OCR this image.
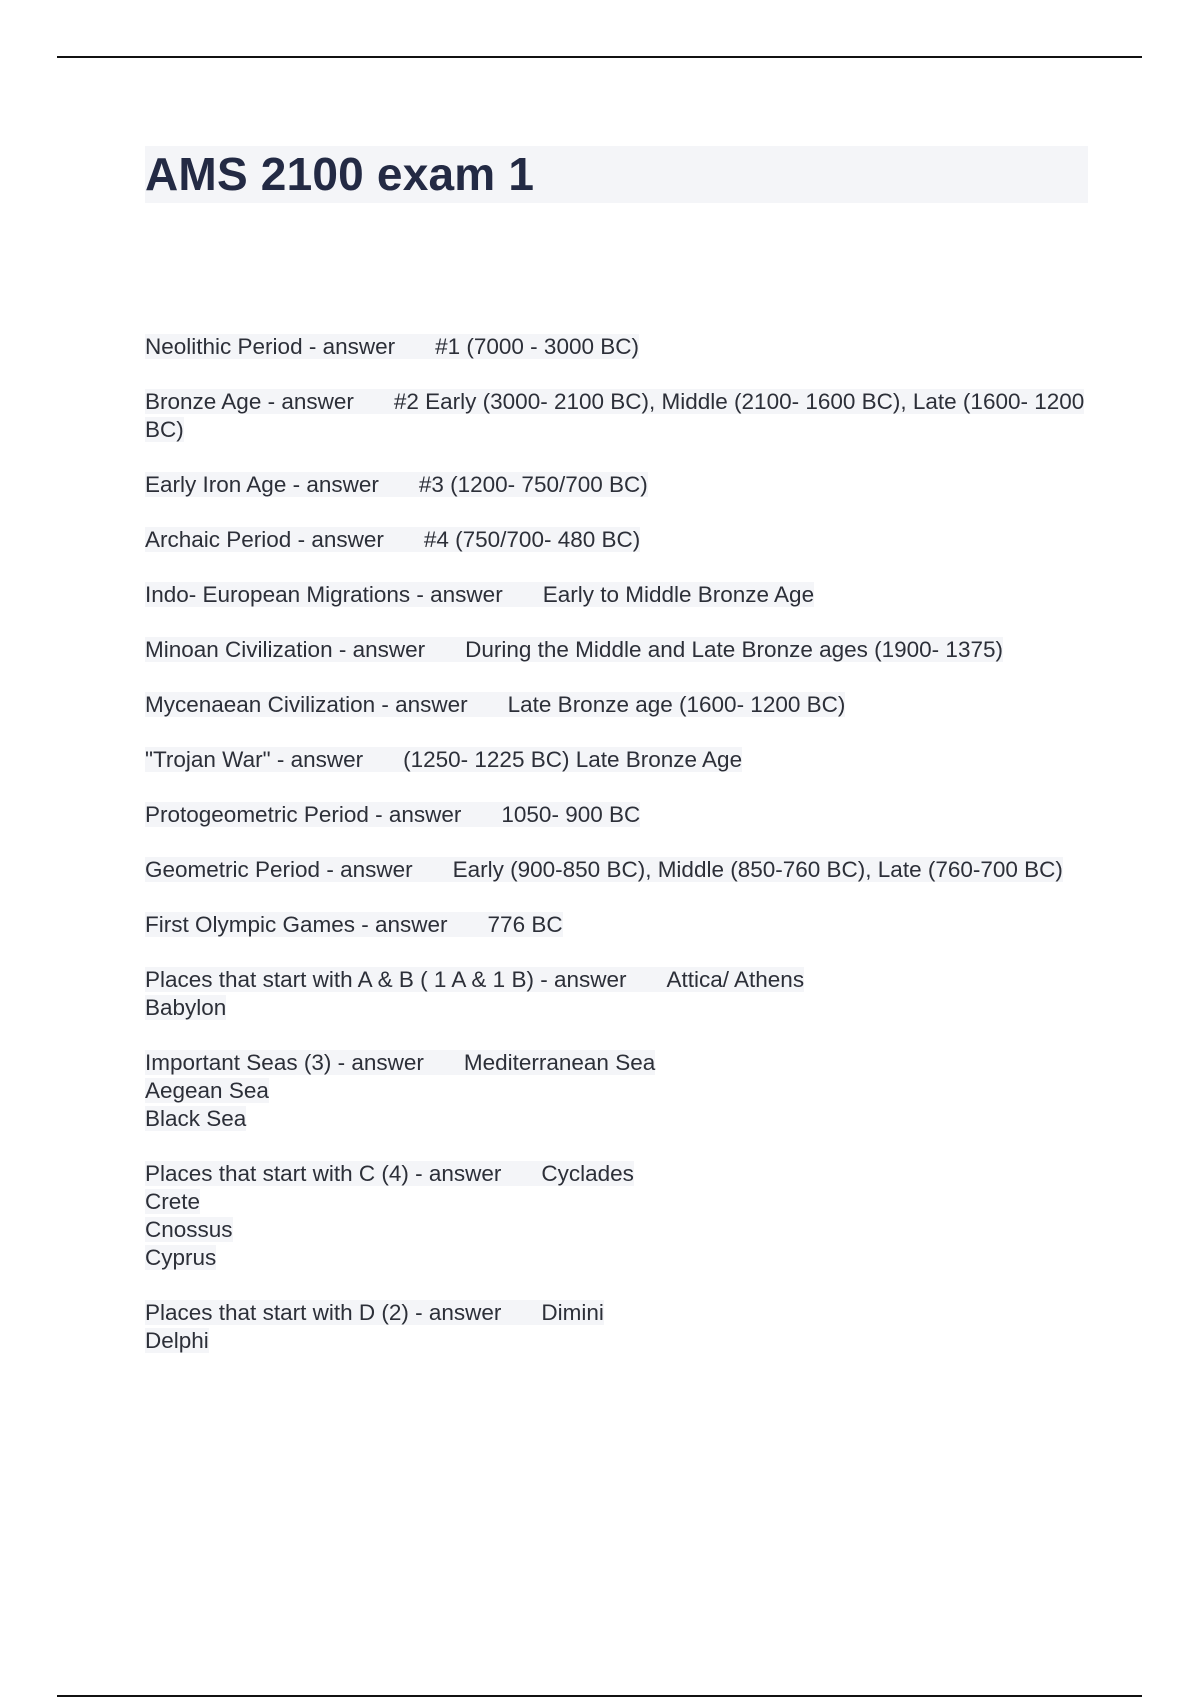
AMS 2100 exam 1
Neolithic Period - answer #1 (7000 - 3000 BC)
Bronze Age - answer #2 Early (3000- 2100 BC), Middle (2100- 1600 BC), Late (1600- 1200 BC)
Early Iron Age - answer #3 (1200- 750/700 BC)
Archaic Period - answer #4 (750/700- 480 BC)
Indo- European Migrations - answer Early to Middle Bronze Age
Minoan Civilization - answer During the Middle and Late Bronze ages (1900- 1375)
Mycenaean Civilization - answer Late Bronze age (1600- 1200 BC)
"Trojan War" - answer (1250- 1225 BC) Late Bronze Age
Protogeometric Period - answer 1050- 900 BC
Geometric Period - answer Early (900-850 BC), Middle (850-760 BC), Late (760-700 BC)
First Olympic Games - answer 776 BC
Places that start with A & B ( 1 A & 1 B) - answer Attica/ Athens
Babylon
Important Seas (3) - answer Mediterranean Sea
Aegean Sea
Black Sea
Places that start with C (4) - answer Cyclades
Crete
Cnossus
Cyprus
Places that start with D (2) - answer Dimini
Delphi
